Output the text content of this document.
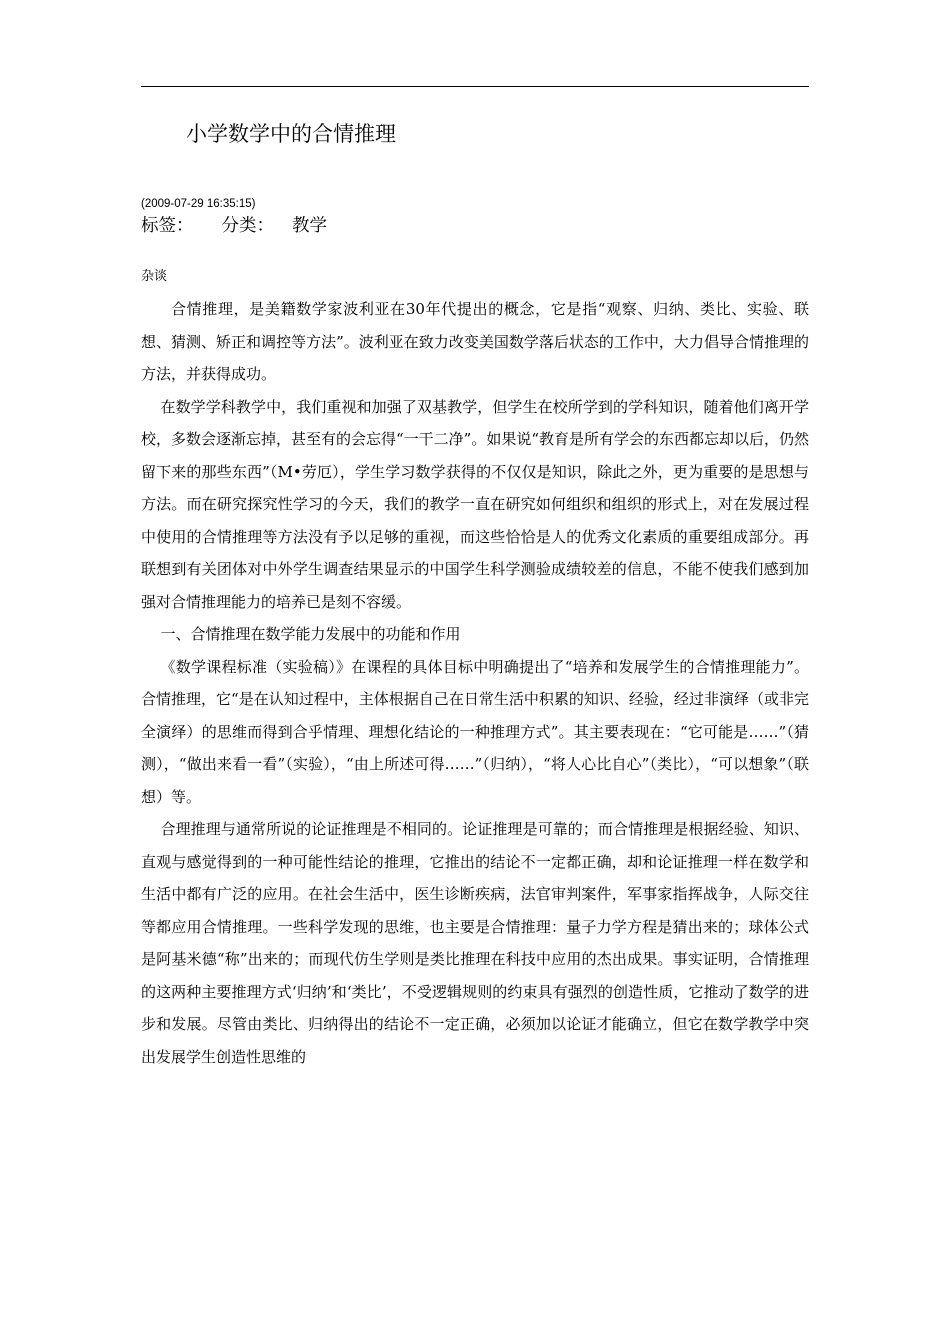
小学数学中的合情推理
(2009-07-29 16:35:15)
标签： 分类： 教学
杂谈

合情推理，是美籍数学家波利亚在30年代提出的概念，它是指“观察、归纳、类比、实验、联想、猜测、矫正和调控等方法”。波利亚在致力改变美国数学落后状态的工作中，大力倡导合情推理的方法，并获得成功。

在数学学科教学中，我们重视和加强了双基教学，但学生在校所学到的学科知识，随着他们离开学校，多数会逐渐忘掉，甚至有的会忘得“一干二净”。如果说“教育是所有学会的东西都忘却以后，仍然留下来的那些东西”（M•劳厄），学生学习数学获得的不仅仅是知识，除此之外，更为重要的是思想与方法。而在研究探究性学习的今天，我们的教学一直在研究如何组织和组织的形式上，对在发展过程中使用的合情推理等方法没有予以足够的重视，而这些恰恰是人的优秀文化素质的重要组成部分。再联想到有关团体对中外学生调查结果显示的中国学生科学测验成绩较差的信息，不能不使我们感到加强对合情推理能力的培养已是刻不容缓。

一、合情推理在数学能力发展中的功能和作用

《数学课程标准（实验稿）》在课程的具体目标中明确提出了“培养和发展学生的合情推理能力”。合情推理，它“是在认知过程中，主体根据自己在日常生活中积累的知识、经验，经过非演绎（或非完全演绎）的思维而得到合乎情理、理想化结论的一种推理方式”。其主要表现在：“它可能是……”（猜测），“做出来看一看”（实验），“由上所述可得……”（归纳），“将人心比自心”（类比），“可以想象”（联想）等。

合理推理与通常所说的论证推理是不相同的。论证推理是可靠的；而合情推理是根据经验、知识、直观与感觉得到的一种可能性结论的推理，它推出的结论不一定都正确，却和论证推理一样在数学和生活中都有广泛的应用。在社会生活中，医生诊断疾病，法官审判案件，军事家指挥战争，人际交往等都应用合情推理。一些科学发现的思维，也主要是合情推理：量子力学方程是猜出来的；球体公式是阿基米德“称”出来的；而现代仿生学则是类比推理在科技中应用的杰出成果。事实证明，合情推理的这两种主要推理方式‘归纳’和‘类比’，不受逻辑规则的约束具有强烈的创造性质，它推动了数学的进步和发展。尽管由类比、归纳得出的结论不一定正确，必须加以论证才能确立，但它在数学教学中突出发展学生创造性思维的
